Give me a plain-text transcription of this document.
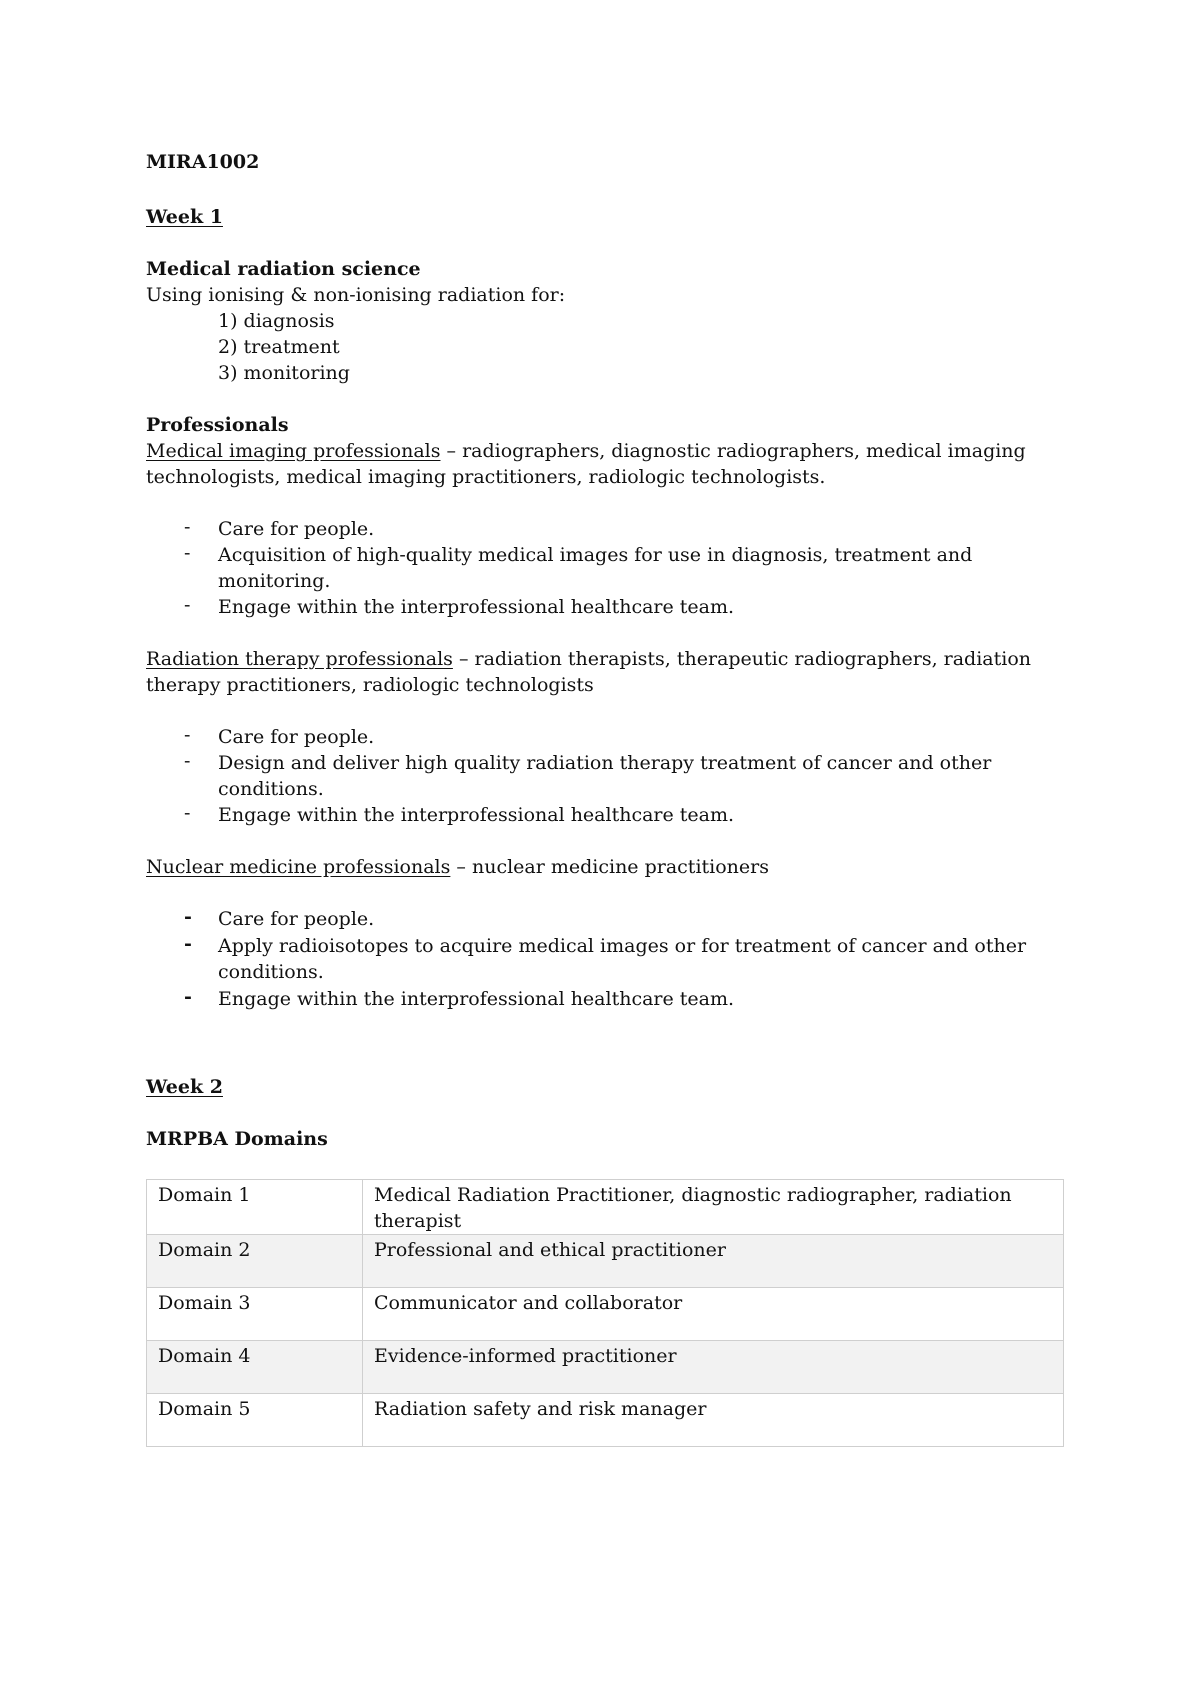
MIRA1002
Week 1
Medical radiation science
Using ionising & non-ionising radiation for:
1) diagnosis
2) treatment
3) monitoring
Professionals
Medical imaging professionals – radiographers, diagnostic radiographers, medical imaging
technologists, medical imaging practitioners, radiologic technologists.
-	Care for people.
-	Acquisition of high-quality medical images for use in diagnosis, treatment and monitoring.
-	Engage within the interprofessional healthcare team.
Radiation therapy professionals – radiation therapists, therapeutic radiographers, radiation
therapy practitioners, radiologic technologists
-	Care for people.
-	Design and deliver high quality radiation therapy treatment of cancer and other conditions.
-	Engage within the interprofessional healthcare team.
Nuclear medicine professionals – nuclear medicine practitioners
-	Care for people.
-	Apply radioisotopes to acquire medical images or for treatment of cancer and other conditions.
-	Engage within the interprofessional healthcare team.
Week 2
MRPBA Domains
Domain 1	Medical Radiation Practitioner, diagnostic radiographer, radiation therapist
Domain 2	Professional and ethical practitioner
Domain 3	Communicator and collaborator
Domain 4	Evidence-informed practitioner
Domain 5	Radiation safety and risk manager
